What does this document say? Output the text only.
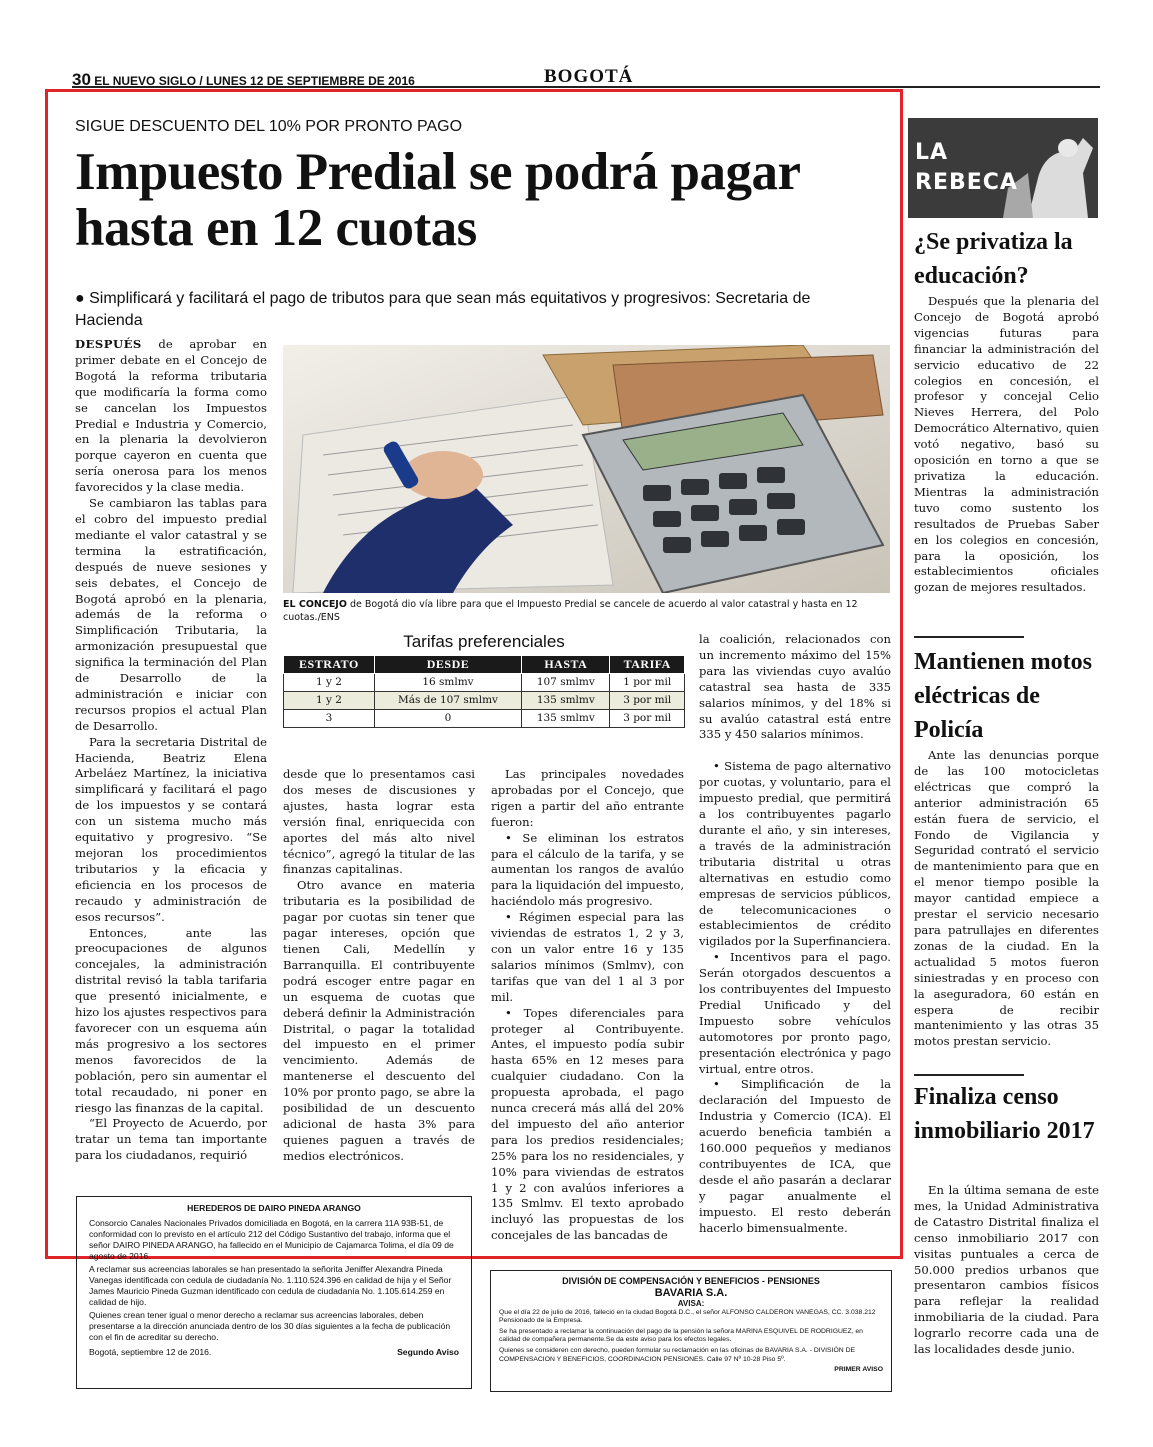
30 EL NUEVO SIGLO / LUNES 12 DE SEPTIEMBRE DE 2016	BOGOTÁ
SIGUE DESCUENTO DEL 10% POR PRONTO PAGO
Impuesto Predial se podrá pagar hasta en 12 cuotas
● Simplificará y facilitará el pago de tributos para que sean más equitativos y progresivos: Secretaria de Hacienda

DESPUÉS de aprobar en primer debate en el Concejo de Bogotá la reforma tributaria que modificaría la forma como se cancelan los Impuestos Predial e Industria y Comercio, en la plenaria la devolvieron porque cayeron en cuenta que sería onerosa para los menos favorecidos y la clase media.

Se cambiaron las tablas para el cobro del impuesto predial mediante el valor catastral y se termina la estratificación, después de nueve sesiones y seis debates, el Concejo de Bogotá aprobó en la plenaria, además de la reforma o Simplificación Tributaria, la armonización presupuestal que significa la terminación del Plan de Desarrollo de la administración e iniciar con recursos propios el actual Plan de Desarrollo.

Para la secretaria Distrital de Hacienda, Beatriz Elena Arbeláez Martínez, la iniciativa simplificará y facilitará el pago de los impuestos y se contará con un sistema mucho más equitativo y progresivo. “Se mejoran los procedimientos tributarios y la eficacia y eficiencia en los procesos de recaudo y administración de esos recursos”.

Entonces, ante las preocupaciones de algunos concejales, la administración distrital revisó la tabla tarifaria que presentó inicialmente, e hizo los ajustes respectivos para favorecer con un esquema aún más progresivo a los sectores menos favorecidos de la población, pero sin aumentar el total recaudado, ni poner en riesgo las finanzas de la capital.

“El Proyecto de Acuerdo, por tratar un tema tan importante para los ciudadanos, requirió

EL CONCEJO de Bogotá dio vía libre para que el Impuesto Predial se cancele de acuerdo al valor catastral y hasta en 12 cuotas./ENS
Tarifas preferenciales
ESTRATO	DESDE	HASTA	TARIFA
1 y 2	16 smlmv	107 smlmv	1 por mil
1 y 2	Más de 107 smlmv	135 smlmv	3 por mil
3	0	135 smlmv	3 por mil

desde que lo presentamos casi dos meses de discusiones y ajustes, hasta lograr esta versión final, enriquecida con aportes del más alto nivel técnico”, agregó la titular de las finanzas capitalinas.

Otro avance en materia tributaria es la posibilidad de pagar por cuotas sin tener que pagar intereses, opción que tienen Cali, Medellín y Barranquilla. El contribuyente podrá escoger entre pagar en un esquema de cuotas que deberá definir la Administración Distrital, o pagar la totalidad del impuesto en el primer vencimiento. Además de mantenerse el descuento del 10% por pronto pago, se abre la posibilidad de un descuento adicional de hasta 3% para quienes paguen a través de medios electrónicos.

Las principales novedades aprobadas por el Concejo, que rigen a partir del año entrante fueron:

• Se eliminan los estratos para el cálculo de la tarifa, y se aumentan los rangos de avalúo para la liquidación del impuesto, haciéndolo más progresivo.

• Régimen especial para las viviendas de estratos 1, 2 y 3, con un valor entre 16 y 135 salarios mínimos (Smlmv), con tarifas que van del 1 al 3 por mil.

• Topes diferenciales para proteger al Contribuyente. Antes, el impuesto podía subir hasta 65% en 12 meses para cualquier ciudadano. Con la propuesta aprobada, el pago nunca crecerá más allá del 20% del impuesto del año anterior para los predios residenciales; 25% para los no residenciales, y 10% para viviendas de estratos 1 y 2 con avalúos inferiores a 135 Smlmv. El texto aprobado incluyó las propuestas de los concejales de las bancadas de

la coalición, relacionados con un incremento máximo del 15% para las viviendas cuyo avalúo catastral sea hasta de 335 salarios mínimos, y del 18% si su avalúo catastral está entre 335 y 450 salarios mínimos.

• Sistema de pago alternativo por cuotas, y voluntario, para el impuesto predial, que permitirá a los contribuyentes pagarlo durante el año, y sin intereses, a través de la administración tributaria distrital u otras alternativas en estudio como empresas de servicios públicos, de telecomunicaciones o establecimientos de crédito vigilados por la Superfinanciera.

• Incentivos para el pago. Serán otorgados descuentos a los contribuyentes del Impuesto Predial Unificado y del Impuesto sobre vehículos automotores por pronto pago, presentación electrónica y pago virtual, entre otros.

• Simplificación de la declaración del Impuesto de Industria y Comercio (ICA). El acuerdo beneficia también a 160.000 pequeños y medianos contribuyentes de ICA, que desde el año pasarán a declarar y pagar anualmente el impuesto. El resto deberán hacerlo bimensualmente.

LA REBECA
¿Se privatiza la educación?

Después que la plenaria del Concejo de Bogotá aprobó vigencias futuras para financiar la administración del servicio educativo de 22 colegios en concesión, el profesor y concejal Celio Nieves Herrera, del Polo Democrático Alternativo, quien votó negativo, basó su oposición en torno a que se privatiza la educación. Mientras la administración tuvo como sustento los resultados de Pruebas Saber en los colegios en concesión, para la oposición, los establecimientos oficiales gozan de mejores resultados.

Mantienen motos eléctricas de Policía

Ante las denuncias porque de las 100 motocicletas eléctricas que compró la anterior administración 65 están fuera de servicio, el Fondo de Vigilancia y Seguridad contrató el servicio de mantenimiento para que en el menor tiempo posible la mayor cantidad empiece a prestar el servicio necesario para patrullajes en diferentes zonas de la ciudad. En la actualidad 5 motos fueron siniestradas y en proceso con la aseguradora, 60 están en espera de recibir mantenimiento y las otras 35 motos prestan servicio.

Finaliza censo inmobiliario 2017

En la última semana de este mes, la Unidad Administrativa de Catastro Distrital finaliza el censo inmobiliario 2017 con visitas puntuales a cerca de 50.000 predios urbanos que presentaron cambios físicos para reflejar la realidad inmobiliaria de la ciudad. Para lograrlo recorre cada una de las localidades desde junio.

HEREDEROS DE DAIRO PINEDA ARANGO

Consorcio Canales Nacionales Privados domiciliada en Bogotá, en la carrera 11A 93B-51, de conformidad con lo previsto en el artículo 212 del Código Sustantivo del trabajo, informa que el señor DAIRO PINEDA ARANGO, ha fallecido en el Municipio de Cajamarca Tolima, el día 09 de agosto de 2016.

A reclamar sus acreencias laborales se han presentado la señorita Jeniffer Alexandra Pineda Vanegas identificada con cedula de ciudadanía No. 1.110.524.396 en calidad de hija y el Señor James Mauricio Pineda Guzman identificado con cedula de ciudadanía No. 1.105.614.259 en calidad de hijo.

Quienes crean tener igual o menor derecho a reclamar sus acreencias laborales, deben presentarse a la dirección anunciada dentro de los 30 días siguientes a la fecha de publicación con el fin de acreditar su derecho.

Bogotá, septiembre 12 de 2016.	Segundo Aviso
DIVISIÓN DE COMPENSACIÓN Y BENEFICIOS - PENSIONES
BAVARIA S.A.
AVISA:

Que el día 22 de julio de 2016, falleció en la ciudad Bogotá D.C., el señor ALFONSO CALDERON VANEGAS, CC. 3.038.212 Pensionado de la Empresa.

Se ha presentado a reclamar la continuación del pago de la pensión la señora MARINA ESQUIVEL DE RODRIGUEZ, en calidad de compañera permanente.Se da este aviso para los efectos legales.

Quienes se consideren con derecho, pueden formular su reclamación en las oficinas de BAVARIA S.A. - DIVISIÓN DE COMPENSACION Y BENEFICIOS, COORDINACION PENSIONES. Calle 97 Nº 10-28 Piso 5º.

PRIMER AVISO
